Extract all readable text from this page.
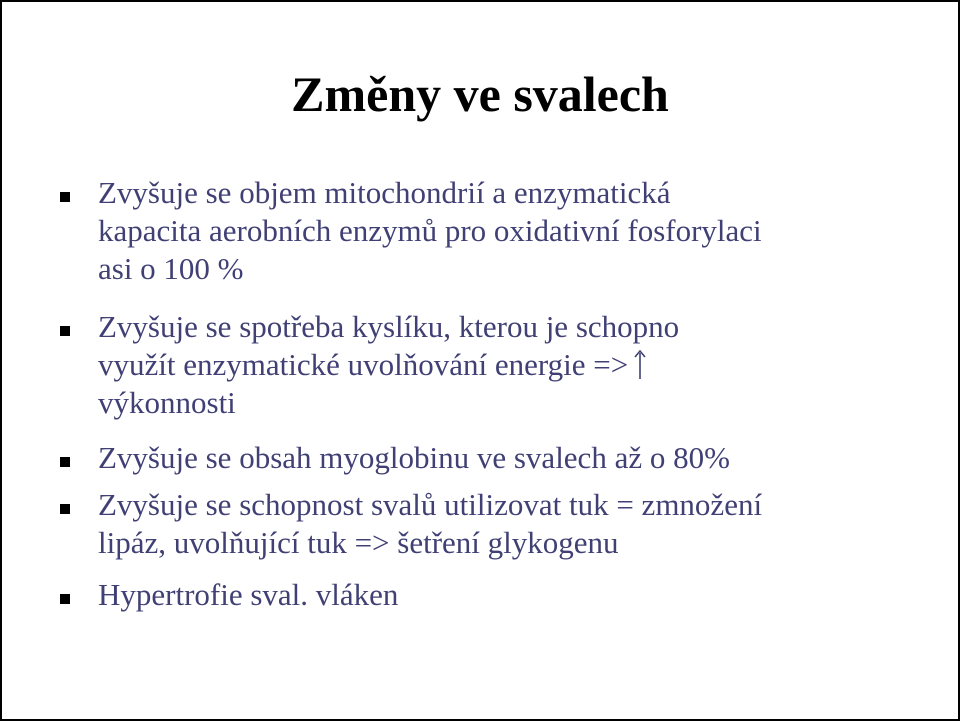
Změny ve svalech
Zvyšuje se objem mitochondrií a enzymatická
kapacita aerobních enzymů pro oxidativní fosforylaci
asi o 100 %
Zvyšuje se spotřeba kyslíku, kterou je schopno
využít enzymatické uvolňování energie =>

výkonnosti
Zvyšuje se obsah myoglobinu ve svalech až o 80%
Zvyšuje se schopnost svalů utilizovat tuk = zmnožení
lipáz, uvolňující tuk => šetření glykogenu
Hypertrofie sval. vláken
